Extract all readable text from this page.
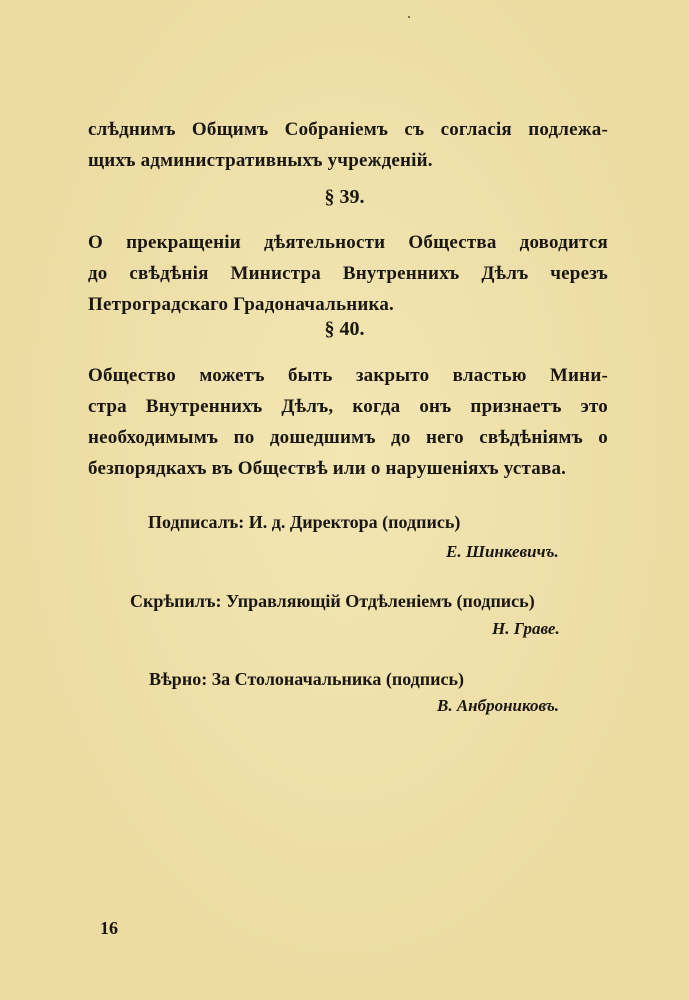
слѣднимъ Общимъ Собраніемъ съ согласія подлежа-
щихъ административныхъ учрежденій.
§ 39.
О прекращеніи дѣятельности Общества доводится
до свѣдѣнія Министра Внутреннихъ Дѣлъ черезъ
Петроградскаго Градоначальника.
§ 40.
Общество можетъ быть закрыто властью Мини-
стра Внутреннихъ Дѣлъ, когда онъ признаетъ это
необходимымъ по дошедшимъ до него свѣдѣніямъ о
безпорядкахъ въ Обществѣ или о нарушеніяхъ устава.
Подписалъ: И. д. Директора (подпись)
Е. Шинкевичъ.
Скрѣпилъ: Управляющій Отдѣленіемъ (подпись)
Н. Граве.
Вѣрно: За Столоначальника (подпись)
В. Анброниковъ.
16
